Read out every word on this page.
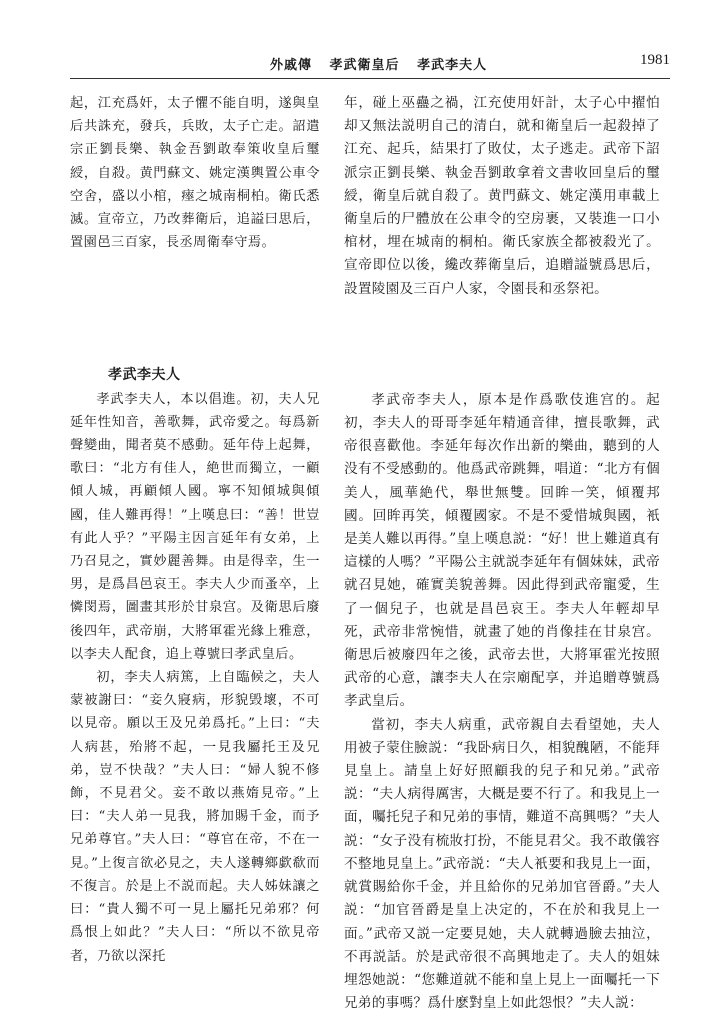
外戚傳 孝武衛皇后 孝武李夫人	1981

起，江充爲奸，太子懼不能自明，遂與皇后共誅充，發兵，兵敗，太子亡走。詔遣宗正劉長樂、執金吾劉敢奉策收皇后璽綬，自殺。黄門蘇文、姚定漢輿置公車令空舍，盛以小棺，瘞之城南桐柏。衛氏悉滅。宣帝立，乃改葬衛后，追謚曰思后，置園邑三百家，長丞周衛奉守焉。

孝武李夫人

孝武李夫人，本以倡進。初，夫人兄延年性知音，善歌舞，武帝愛之。每爲新聲變曲，聞者莫不感動。延年侍上起舞，歌曰：“北方有佳人，絶世而獨立，一顧傾人城，再顧傾人國。寧不知傾城與傾國，佳人難再得！”上嘆息曰：“善！世豈有此人乎？”平陽主因言延年有女弟，上乃召見之，實妙麗善舞。由是得幸，生一男，是爲昌邑哀王。李夫人少而蚤卒，上憐閔焉，圖畫其形於甘泉宫。及衛思后廢後四年，武帝崩，大將軍霍光緣上雅意，以李夫人配食，追上尊號曰孝武皇后。

初，李夫人病篤，上自臨候之，夫人蒙被謝曰：“妾久寢病，形貌毁壞，不可以見帝。願以王及兄弟爲托。”上曰：“夫人病甚，殆將不起，一見我屬托王及兄弟，豈不快哉？”夫人曰：“婦人貌不修飾，不見君父。妾不敢以燕媠見帝。”上曰：“夫人弟一見我，將加賜千金，而予兄弟尊官。”夫人曰：“尊官在帝，不在一見。”上復言欲必見之，夫人遂轉鄉歔欷而不復言。於是上不説而起。夫人姊妹讓之曰：“貴人獨不可一見上屬托兄弟邪？何爲恨上如此？”夫人曰：“所以不欲見帝者，乃欲以深托

年，碰上巫蠱之禍，江充使用奸計，太子心中擢怕却又無法説明自己的清白，就和衛皇后一起殺掉了江充、起兵，結果打了敗仗，太子逃走。武帝下詔派宗正劉長樂、執金吾劉敢拿着文書收回皇后的璽綬，衛皇后就自殺了。黄門蘇文、姚定漢用車載上衛皇后的尸體放在公車令的空房裹，又裝進一口小棺材，埋在城南的桐柏。衛氏家族全都被殺光了。宣帝即位以後，纔改葬衛皇后，追贈謚號爲思后，設置陵園及三百户人家，令園長和丞祭祀。

孝武帝李夫人，原本是作爲歌伎進宫的。起初，李夫人的哥哥李延年精通音律，擅長歌舞，武帝很喜歡他。李延年每次作出新的樂曲，聽到的人没有不受感動的。他爲武帝跳舞，唱道：“北方有個美人，風華絶代，舉世無雙。回眸一笑，傾覆邦國。回眸再笑，傾覆國家。不是不愛惜城與國，衹是美人難以再得。”皇上嘆息説：“好！世上難道真有這樣的人嗎？”平陽公主就説李延年有個妹妹，武帝就召見她，確實美貌善舞。因此得到武帝寵愛，生了一個兒子，也就是昌邑哀王。李夫人年輕却早死，武帝非常惋惜，就畫了她的肖像挂在甘泉宫。衛思后被廢四年之後，武帝去世，大將軍霍光按照武帝的心意，讓李夫人在宗廟配享，并追贈尊號爲孝武皇后。

當初，李夫人病重，武帝親自去看望她，夫人用被子蒙住臉説：“我卧病日久，相貌醜陋，不能拜見皇上。請皇上好好照顧我的兒子和兄弟。”武帝説：“夫人病得厲害，大概是要不行了。和我見上一面，囑托兒子和兄弟的事情，難道不高興嗎？”夫人説：“女子没有梳妝打扮，不能見君父。我不敢儀容不整地見皇上。”武帝説：“夫人衹要和我見上一面，就賞賜給你千金，并且給你的兄弟加官晉爵。”夫人説：“加官晉爵是皇上决定的，不在於和我見上一面。”武帝又説一定要見她，夫人就轉過臉去抽泣，不再説話。於是武帝很不高興地走了。夫人的姐妹埋怨她説：“您難道就不能和皇上見上一面囑托一下兄弟的事嗎？爲什麽對皇上如此怨恨？”夫人説：
